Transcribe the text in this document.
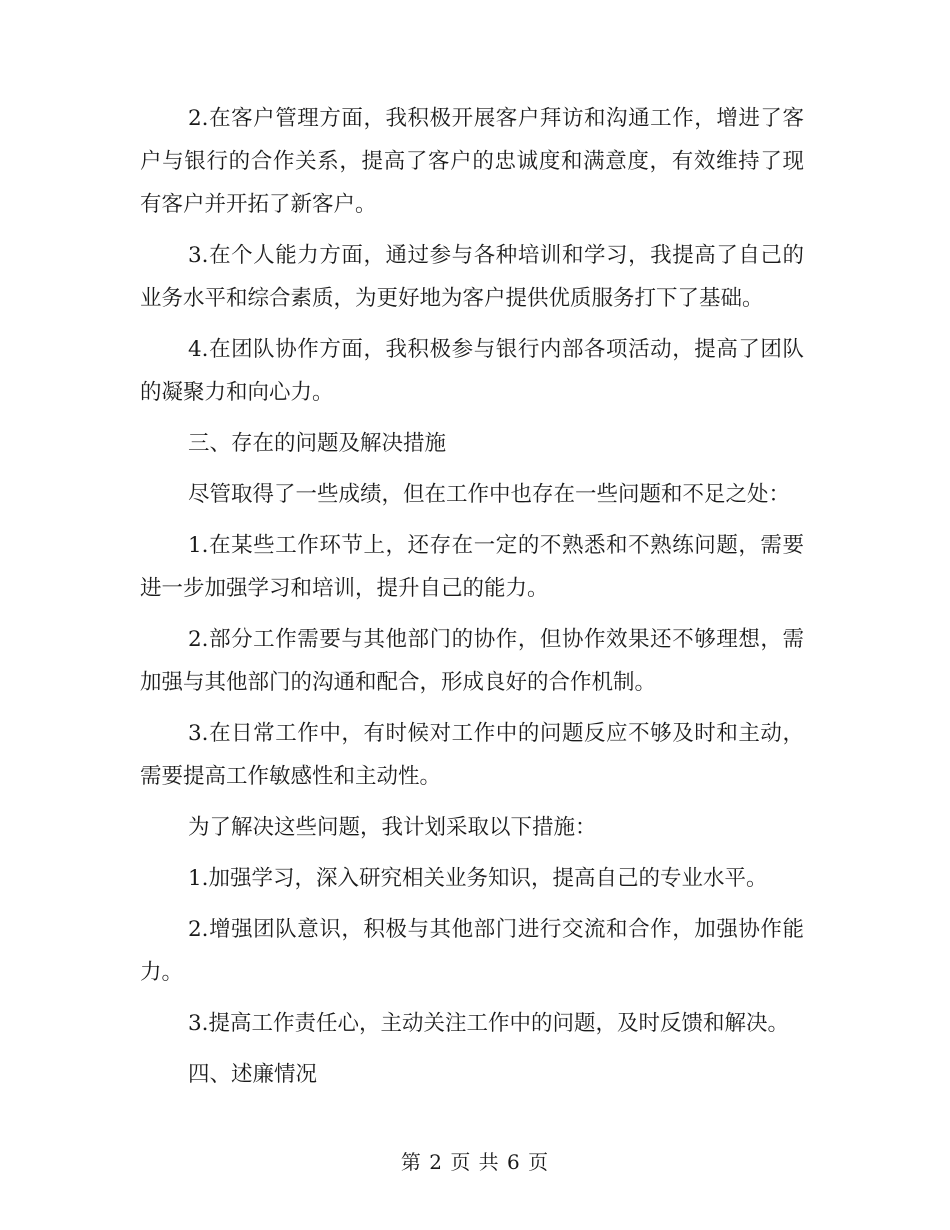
2.在客户管理方面，我积极开展客户拜访和沟通工作，增进了客户与银行的合作关系，提高了客户的忠诚度和满意度，有效维持了现有客户并开拓了新客户。

3.在个人能力方面，通过参与各种培训和学习，我提高了自己的业务水平和综合素质，为更好地为客户提供优质服务打下了基础。

4.在团队协作方面，我积极参与银行内部各项活动，提高了团队的凝聚力和向心力。

三、存在的问题及解决措施

尽管取得了一些成绩，但在工作中也存在一些问题和不足之处：

1.在某些工作环节上，还存在一定的不熟悉和不熟练问题，需要进一步加强学习和培训，提升自己的能力。

2.部分工作需要与其他部门的协作，但协作效果还不够理想，需加强与其他部门的沟通和配合，形成良好的合作机制。

3.在日常工作中，有时候对工作中的问题反应不够及时和主动，需要提高工作敏感性和主动性。

为了解决这些问题，我计划采取以下措施：

1.加强学习，深入研究相关业务知识，提高自己的专业水平。

2.增强团队意识，积极与其他部门进行交流和合作，加强协作能力。

3.提高工作责任心，主动关注工作中的问题，及时反馈和解决。

四、述廉情况

第 2 页 共 6 页
